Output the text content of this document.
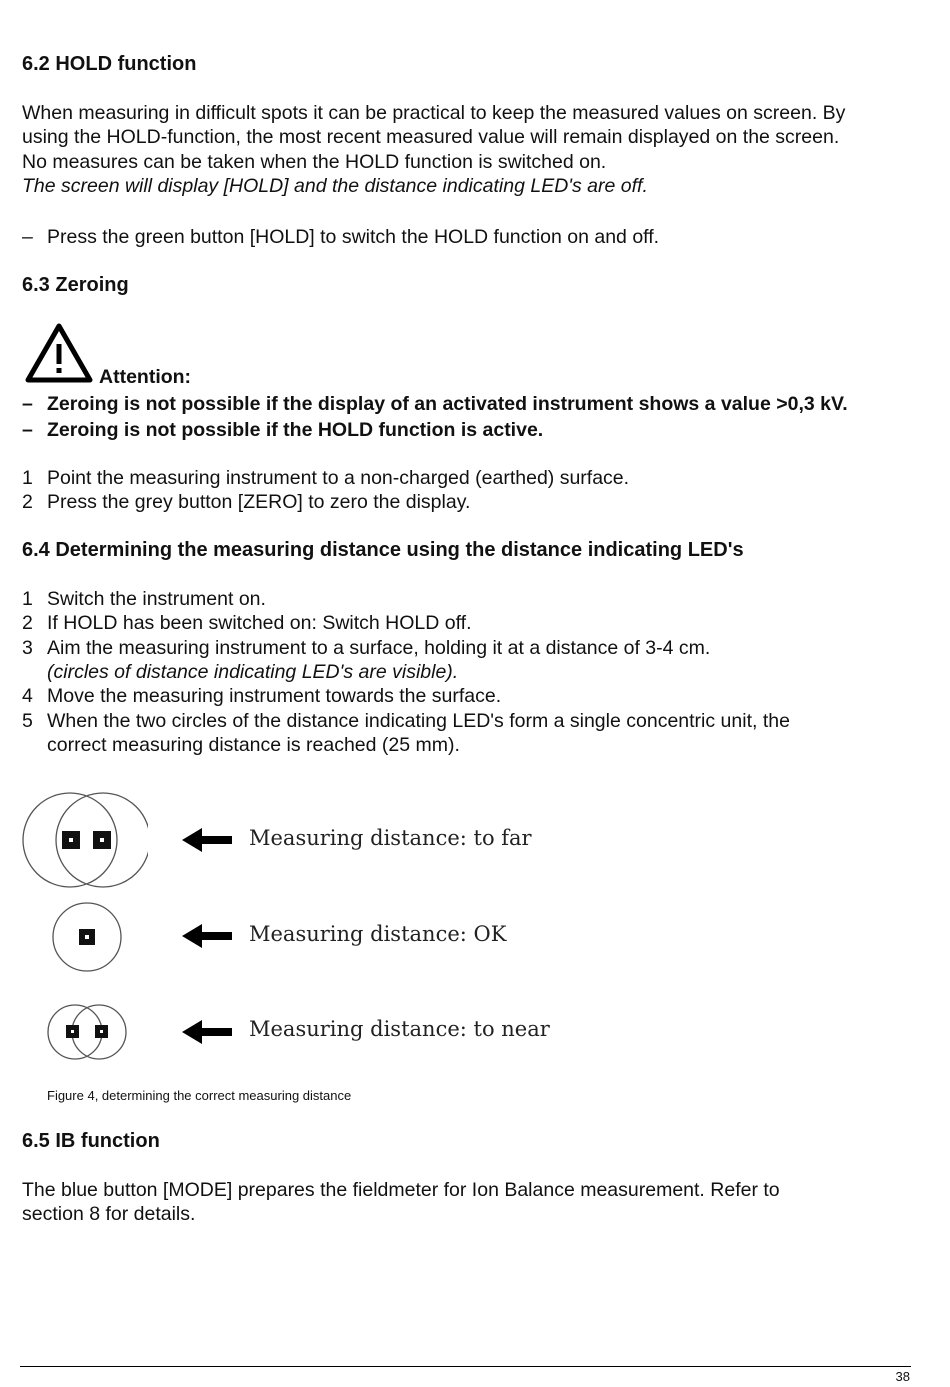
6.2 HOLD function
When measuring in difficult spots it can be practical to keep the measured values on screen. By
using the HOLD-function, the most recent measured value will remain displayed on the screen.
No measures can be taken when the HOLD function is switched on.
The screen will display [HOLD] and the distance indicating LED's are off.
– Press the green button [HOLD] to switch the HOLD function on and off.
6.3 Zeroing
Attention:
– Zeroing is not possible if the display of an activated instrument shows a value >0,3 kV.
– Zeroing is not possible if the HOLD function is active.
1 Point the measuring instrument to a non-charged (earthed) surface.
2 Press the grey button [ZERO] to zero the display.
6.4 Determining the measuring distance using the distance indicating LED's
1 Switch the instrument on.
2 If HOLD has been switched on: Switch HOLD off.
3 Aim the measuring instrument to a surface, holding it at a distance of 3-4 cm.
(circles of distance indicating LED's are visible).
4 Move the measuring instrument towards the surface.
5 When the two circles of the distance indicating LED's form a single concentric unit, the
correct measuring distance is reached (25 mm).
Measuring distance: to far
Measuring distance: OK
Measuring distance: to near
Figure 4, determining the correct measuring distance
6.5 IB function
The blue button [MODE] prepares the fieldmeter for Ion Balance measurement. Refer to
section 8 for details.
38
